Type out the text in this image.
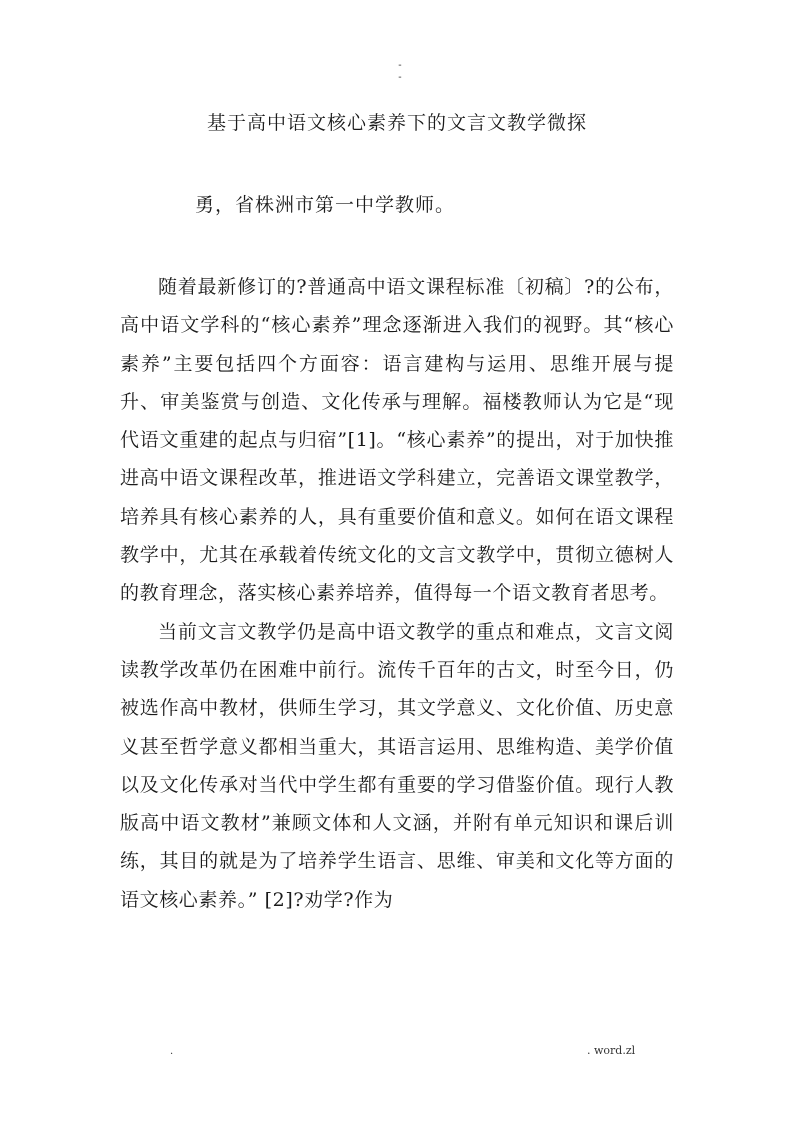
-
-
基于高中语文核心素养下的文言文教学微探
勇，省株洲市第一中学教师。

随着最新修订的?普通高中语文课程标准〔初稿〕?的公布，高中语文学科的“核心素养”理念逐渐进入我们的视野。其“核心素养”主要包括四个方面容：语言建构与运用、思维开展与提升、审美鉴赏与创造、文化传承与理解。福楼教师认为它是“现代语文重建的起点与归宿”[1]。“核心素养”的提出，对于加快推进高中语文课程改革，推进语文学科建立，完善语文课堂教学，培养具有核心素养的人，具有重要价值和意义。如何在语文课程教学中，尤其在承载着传统文化的文言文教学中，贯彻立德树人的教育理念，落实核心素养培养，值得每一个语文教育者思考。

当前文言文教学仍是高中语文教学的重点和难点，文言文阅读教学改革仍在困难中前行。流传千百年的古文，时至今日，仍被选作高中教材，供师生学习，其文学意义、文化价值、历史意义甚至哲学意义都相当重大，其语言运用、思维构造、美学价值以及文化传承对当代中学生都有重要的学习借鉴价值。现行人教版高中语文教材”兼顾文体和人文涵，并附有单元知识和课后训练，其目的就是为了培养学生语言、思维、审美和文化等方面的语文核心素养。” [2]?劝学?作为

.	. word.zl
